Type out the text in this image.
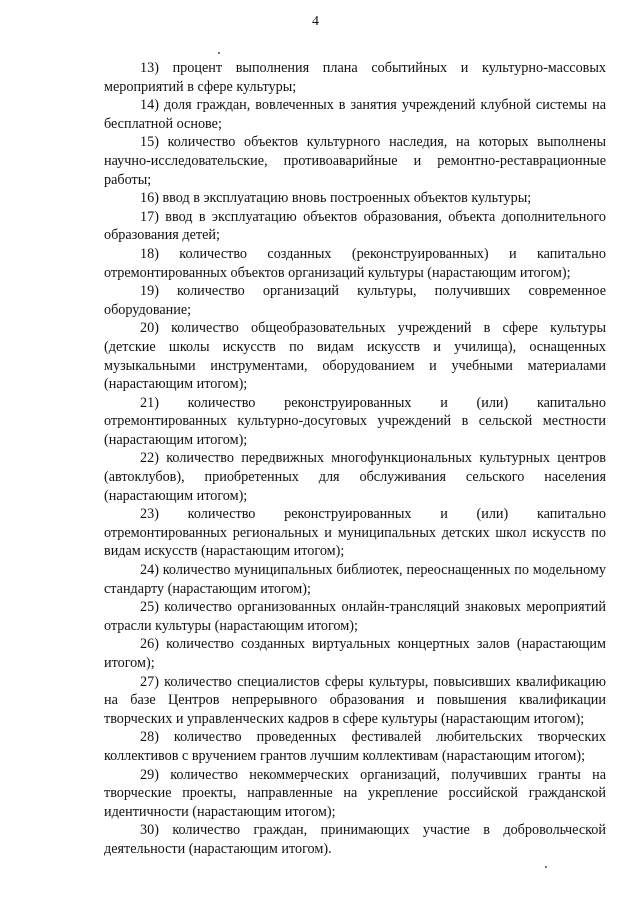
4

13) процент выполнения плана событийных и культурно-массовых мероприятий в сфере культуры;

14) доля граждан, вовлеченных в занятия учреждений клубной системы на бесплатной основе;

15) количество объектов культурного наследия, на которых выполнены научно-исследовательские, противоаварийные и ремонтно-реставрационные работы;

16) ввод в эксплуатацию вновь построенных объектов культуры;

17) ввод в эксплуатацию объектов образования, объекта дополнительного образования детей;

18) количество созданных (реконструированных) и капитально отремонтированных объектов организаций культуры (нарастающим итогом);

19) количество организаций культуры, получивших современное оборудование;

20) количество общеобразовательных учреждений в сфере культуры (детские школы искусств по видам искусств и училища), оснащенных музыкальными инструментами, оборудованием и учебными материалами (нарастающим итогом);

21) количество реконструированных и (или) капитально отремонтированных культурно-досуговых учреждений в сельской местности (нарастающим итогом);

22) количество передвижных многофункциональных культурных центров (автоклубов), приобретенных для обслуживания сельского населения (нарастающим итогом);

23) количество реконструированных и (или) капитально отремонтированных региональных и муниципальных детских школ искусств по видам искусств (нарастающим итогом);

24) количество муниципальных библиотек, переоснащенных по модельному стандарту (нарастающим итогом);

25) количество организованных онлайн-трансляций знаковых мероприятий отрасли культуры (нарастающим итогом);

26) количество созданных виртуальных концертных залов (нарастающим итогом);

27) количество специалистов сферы культуры, повысивших квалификацию на базе Центров непрерывного образования и повышения квалификации творческих и управленческих кадров в сфере культуры (нарастающим итогом);

28) количество проведенных фестивалей любительских творческих коллективов с вручением грантов лучшим коллективам (нарастающим итогом);

29) количество некоммерческих организаций, получивших гранты на творческие проекты, направленные на укрепление российской гражданской идентичности (нарастающим итогом);

30) количество граждан, принимающих участие в добровольческой деятельности (нарастающим итогом).
